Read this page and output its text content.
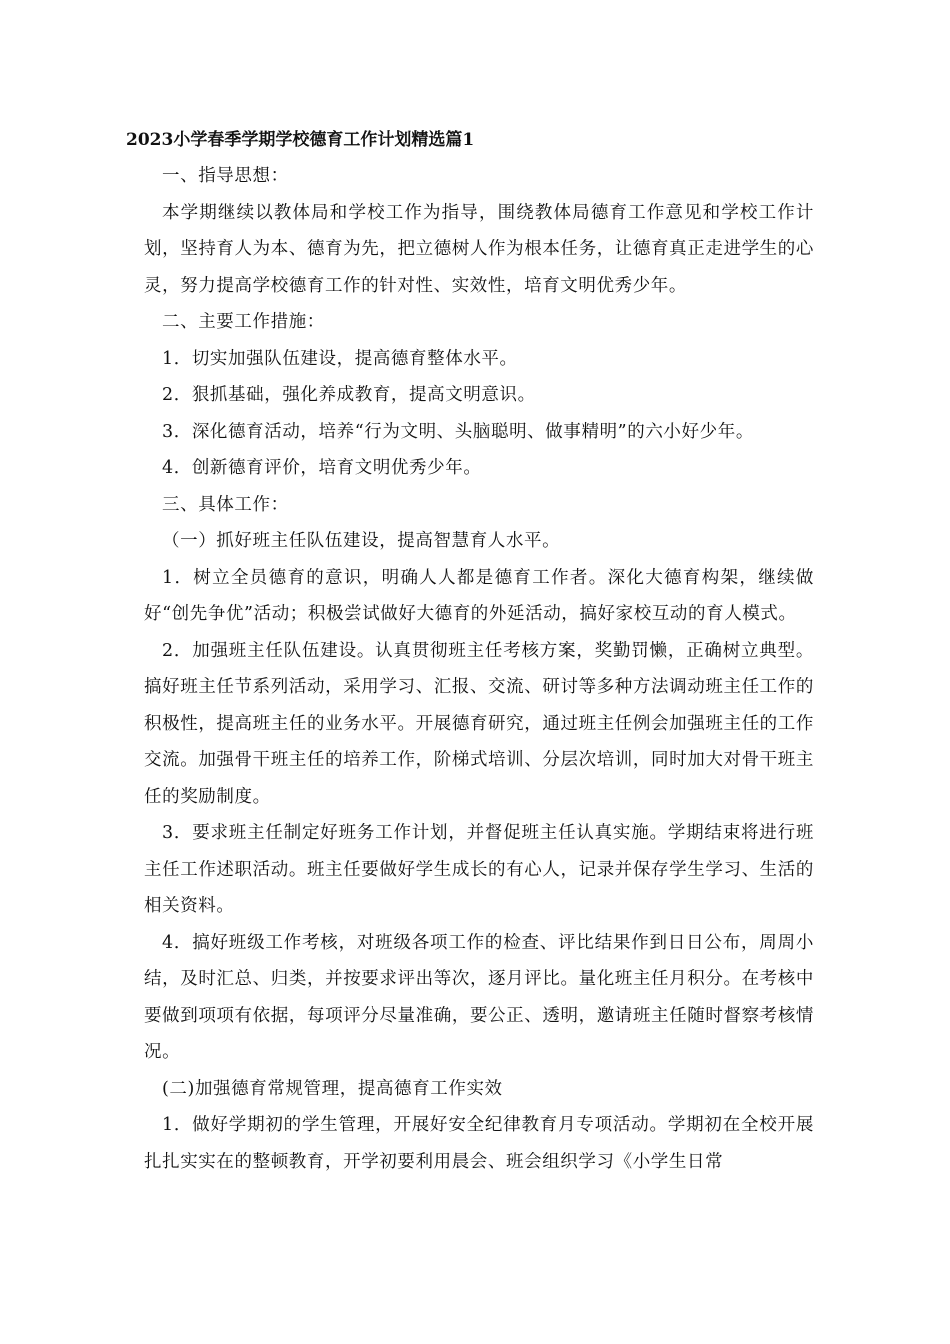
2023小学春季学期学校德育工作计划精选篇1

一、指导思想：

本学期继续以教体局和学校工作为指导，围绕教体局德育工作意见和学校工作计划，坚持育人为本、德育为先，把立德树人作为根本任务，让德育真正走进学生的心灵，努力提高学校德育工作的针对性、实效性，培育文明优秀少年。

二、主要工作措施：

1．切实加强队伍建设，提高德育整体水平。

2．狠抓基础，强化养成教育，提高文明意识。

3．深化德育活动，培养“行为文明、头脑聪明、做事精明”的六小好少年。

4．创新德育评价，培育文明优秀少年。

三、具体工作：

（一）抓好班主任队伍建设，提高智慧育人水平。

1．树立全员德育的意识，明确人人都是德育工作者。深化大德育构架，继续做好“创先争优”活动；积极尝试做好大德育的外延活动，搞好家校互动的育人模式。

2．加强班主任队伍建设。认真贯彻班主任考核方案，奖勤罚懒，正确树立典型。搞好班主任节系列活动，采用学习、汇报、交流、研讨等多种方法调动班主任工作的积极性，提高班主任的业务水平。开展德育研究，通过班主任例会加强班主任的工作交流。加强骨干班主任的培养工作，阶梯式培训、分层次培训，同时加大对骨干班主任的奖励制度。

3．要求班主任制定好班务工作计划，并督促班主任认真实施。学期结束将进行班主任工作述职活动。班主任要做好学生成长的有心人，记录并保存学生学习、生活的相关资料。

4．搞好班级工作考核，对班级各项工作的检查、评比结果作到日日公布，周周小结，及时汇总、归类，并按要求评出等次，逐月评比。量化班主任月积分。在考核中要做到项项有依据，每项评分尽量准确，要公正、透明，邀请班主任随时督察考核情况。

(二)加强德育常规管理，提高德育工作实效

1．做好学期初的学生管理，开展好安全纪律教育月专项活动。学期初在全校开展扎扎实实在的整顿教育，开学初要利用晨会、班会组织学习《小学生日常
